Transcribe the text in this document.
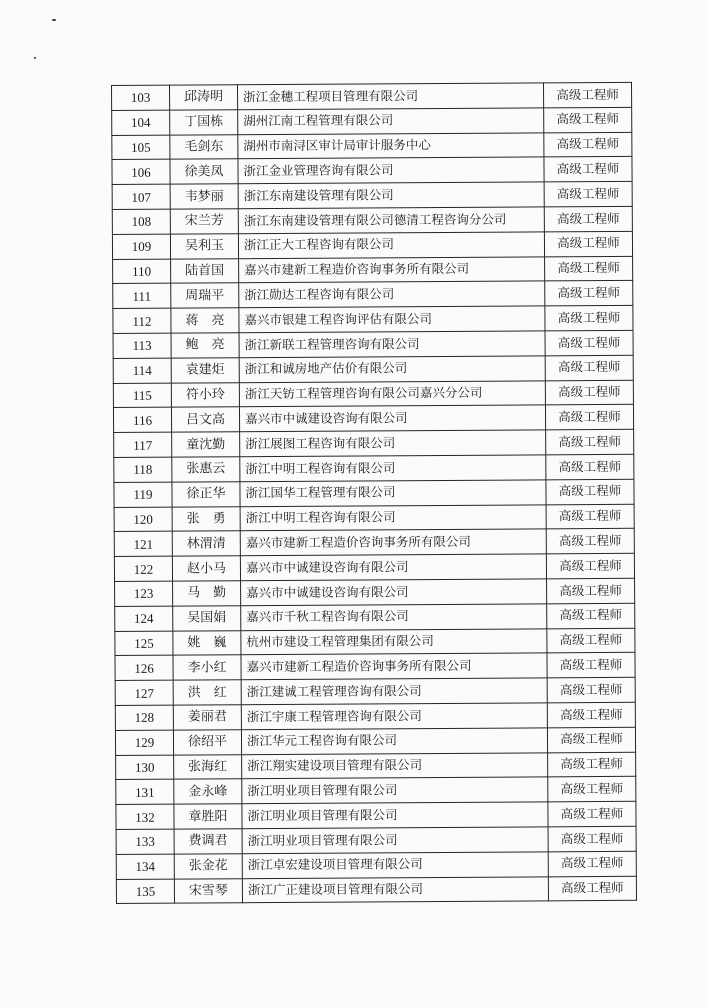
103	邱涛明	浙江金穗工程项目管理有限公司	高级工程师
104	丁国栋	湖州江南工程管理有限公司	高级工程师
105	毛剑东	湖州市南浔区审计局审计服务中心	高级工程师
106	徐美凤	浙江金业管理咨询有限公司	高级工程师
107	韦梦丽	浙江东南建设管理有限公司	高级工程师
108	宋兰芳	浙江东南建设管理有限公司德清工程咨询分公司	高级工程师
109	吴利玉	浙江正大工程咨询有限公司	高级工程师
110	陆首国	嘉兴市建新工程造价咨询事务所有限公司	高级工程师
111	周瑞平	浙江勋达工程咨询有限公司	高级工程师
112	蒋　亮	嘉兴市银建工程咨询评估有限公司	高级工程师
113	鲍　亮	浙江新联工程管理咨询有限公司	高级工程师
114	袁建炬	浙江和诚房地产估价有限公司	高级工程师
115	符小玲	浙江天钫工程管理咨询有限公司嘉兴分公司	高级工程师
116	吕文高	嘉兴市中诚建设咨询有限公司	高级工程师
117	童沈勤	浙江展图工程咨询有限公司	高级工程师
118	张惠云	浙江中明工程咨询有限公司	高级工程师
119	徐正华	浙江国华工程管理有限公司	高级工程师
120	张　勇	浙江中明工程咨询有限公司	高级工程师
121	林渭清	嘉兴市建新工程造价咨询事务所有限公司	高级工程师
122	赵小马	嘉兴市中诚建设咨询有限公司	高级工程师
123	马　勤	嘉兴市中诚建设咨询有限公司	高级工程师
124	吴国娟	嘉兴市千秋工程咨询有限公司	高级工程师
125	姚　巍	杭州市建设工程管理集团有限公司	高级工程师
126	李小红	嘉兴市建新工程造价咨询事务所有限公司	高级工程师
127	洪　红	浙江建诚工程管理咨询有限公司	高级工程师
128	姜丽君	浙江宇康工程管理咨询有限公司	高级工程师
129	徐绍平	浙江华元工程咨询有限公司	高级工程师
130	张海红	浙江翔实建设项目管理有限公司	高级工程师
131	金永峰	浙江明业项目管理有限公司	高级工程师
132	章胜阳	浙江明业项目管理有限公司	高级工程师
133	费调君	浙江明业项目管理有限公司	高级工程师
134	张金花	浙江卓宏建设项目管理有限公司	高级工程师
135	宋雪琴	浙江广正建设项目管理有限公司	高级工程师
